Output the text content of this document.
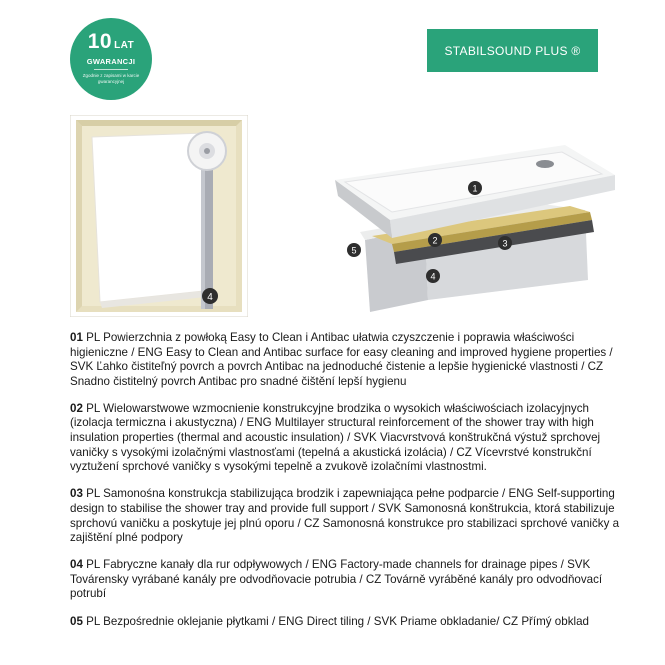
10 LAT
GWARANCJI
Zgodnie z zapisami w karcie gwarancyjnej
STABILSOUND PLUS ®
4
1
2	3
4
5

01 PL Powierzchnia z powłoką Easy to Clean i Antibac ułatwia czyszczenie i poprawia właściwości higieniczne / ENG Easy to Clean and Antibac surface for easy cleaning and improved hygiene properties / SVK Ľahko čistiteľný povrch a povrch Antibac na jednoduché čistenie a lepšie hygienické vlastnosti / CZ Snadno čistitelný povrch Antibac pro snadné čištění lepší hygienu

02 PL Wielowarstwowe wzmocnienie konstrukcyjne brodzika o wysokich właściwościach izolacyjnych (izolacja termiczna i akustyczna) / ENG Multilayer structural reinforcement of the shower tray with high insulation properties (thermal and acoustic insulation) / SVK Viacvrstvová konštrukčná výstuž sprchovej vaničky s vysokými izolačnými vlastnosťami (tepelná a akustická izolácia) / CZ Vícevrstvé konstrukční vyztužení sprchové vaničky s vysokými tepelně a zvukově izolačními vlastnostmi.

03 PL Samonośna konstrukcja stabilizująca brodzik i zapewniająca pełne podparcie / ENG Self-supporting design to stabilise the shower tray and provide full support / SVK Samonosná konštrukcia, ktorá stabilizuje sprchovú vaničku a poskytuje jej plnú oporu / CZ Samonosná konstrukce pro stabilizaci sprchové vaničky a zajištění plné podpory

04 PL Fabryczne kanały dla rur odpływowych / ENG Factory-made channels for drainage pipes / SVK Továrensky vyrábané kanály pre odvodňovacie potrubia / CZ Továrně vyráběné kanály pro odvodňovací potrubí

05 PL Bezpośrednie oklejanie płytkami / ENG Direct tiling / SVK Priame obkladanie/ CZ Přímý obklad
